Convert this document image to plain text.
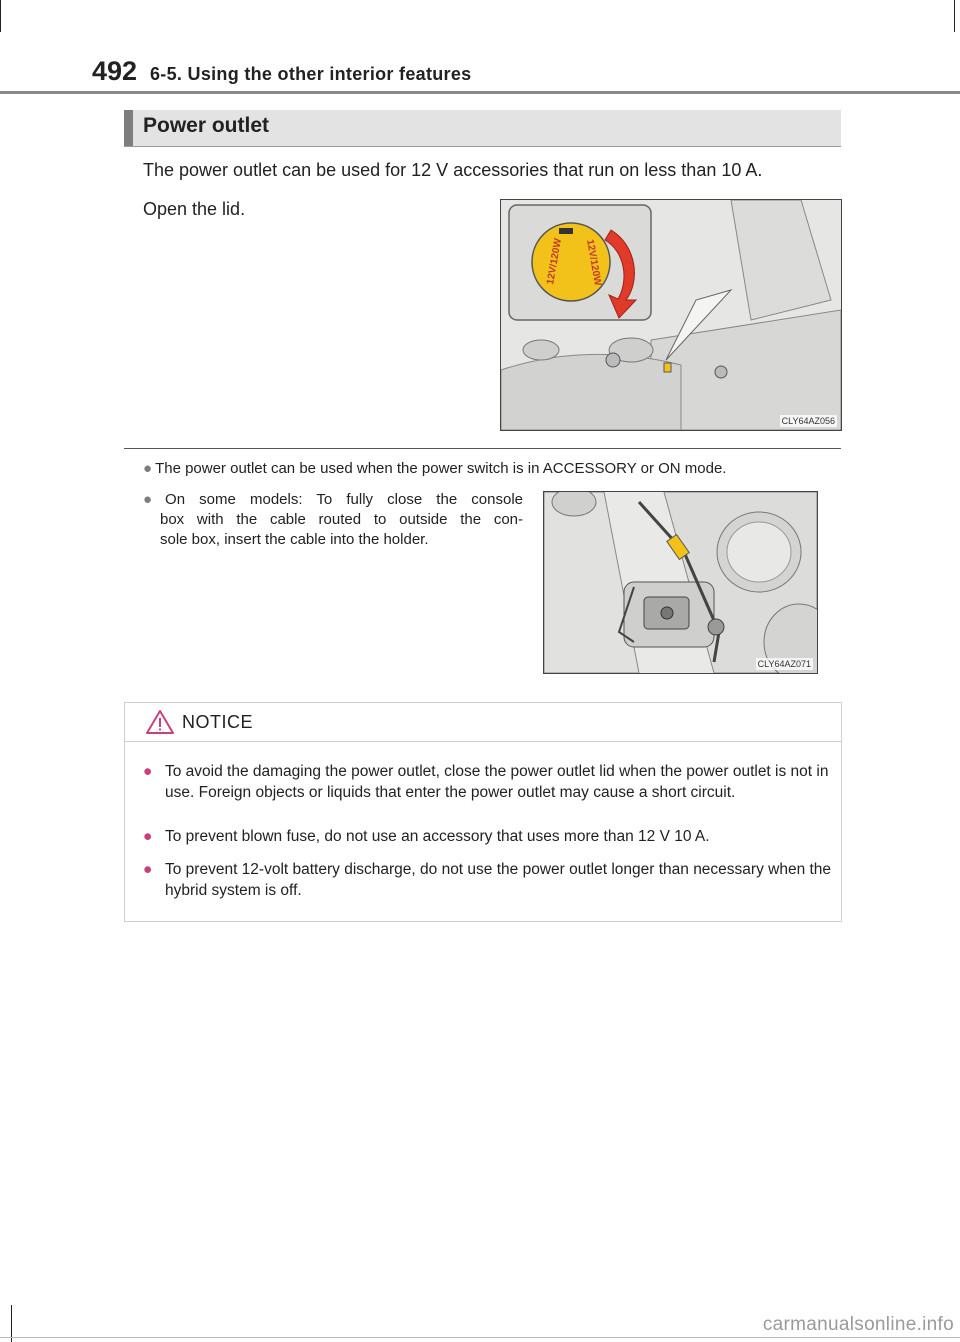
492 6-5. Using the other interior features
Power outlet
The power outlet can be used for 12 V accessories that run on less than 10 A.
Open the lid.
12V/120W 12V/120W
CLY64AZ056
● The power outlet can be used when the power switch is in ACCESSORY or ON mode.
● On some models: To fully close the console
box with the cable routed to outside the con-
sole box, insert the cable into the holder.
CLY64AZ071
NOTICE
● To avoid the damaging the power outlet, close the power outlet lid when the power outlet is not in use. Foreign objects or liquids that enter the power outlet may cause a short circuit.
● To prevent blown fuse, do not use an accessory that uses more than 12 V 10 A.
● To prevent 12-volt battery discharge, do not use the power outlet longer than necessary when the hybrid system is off.
carmanualsonline.info
